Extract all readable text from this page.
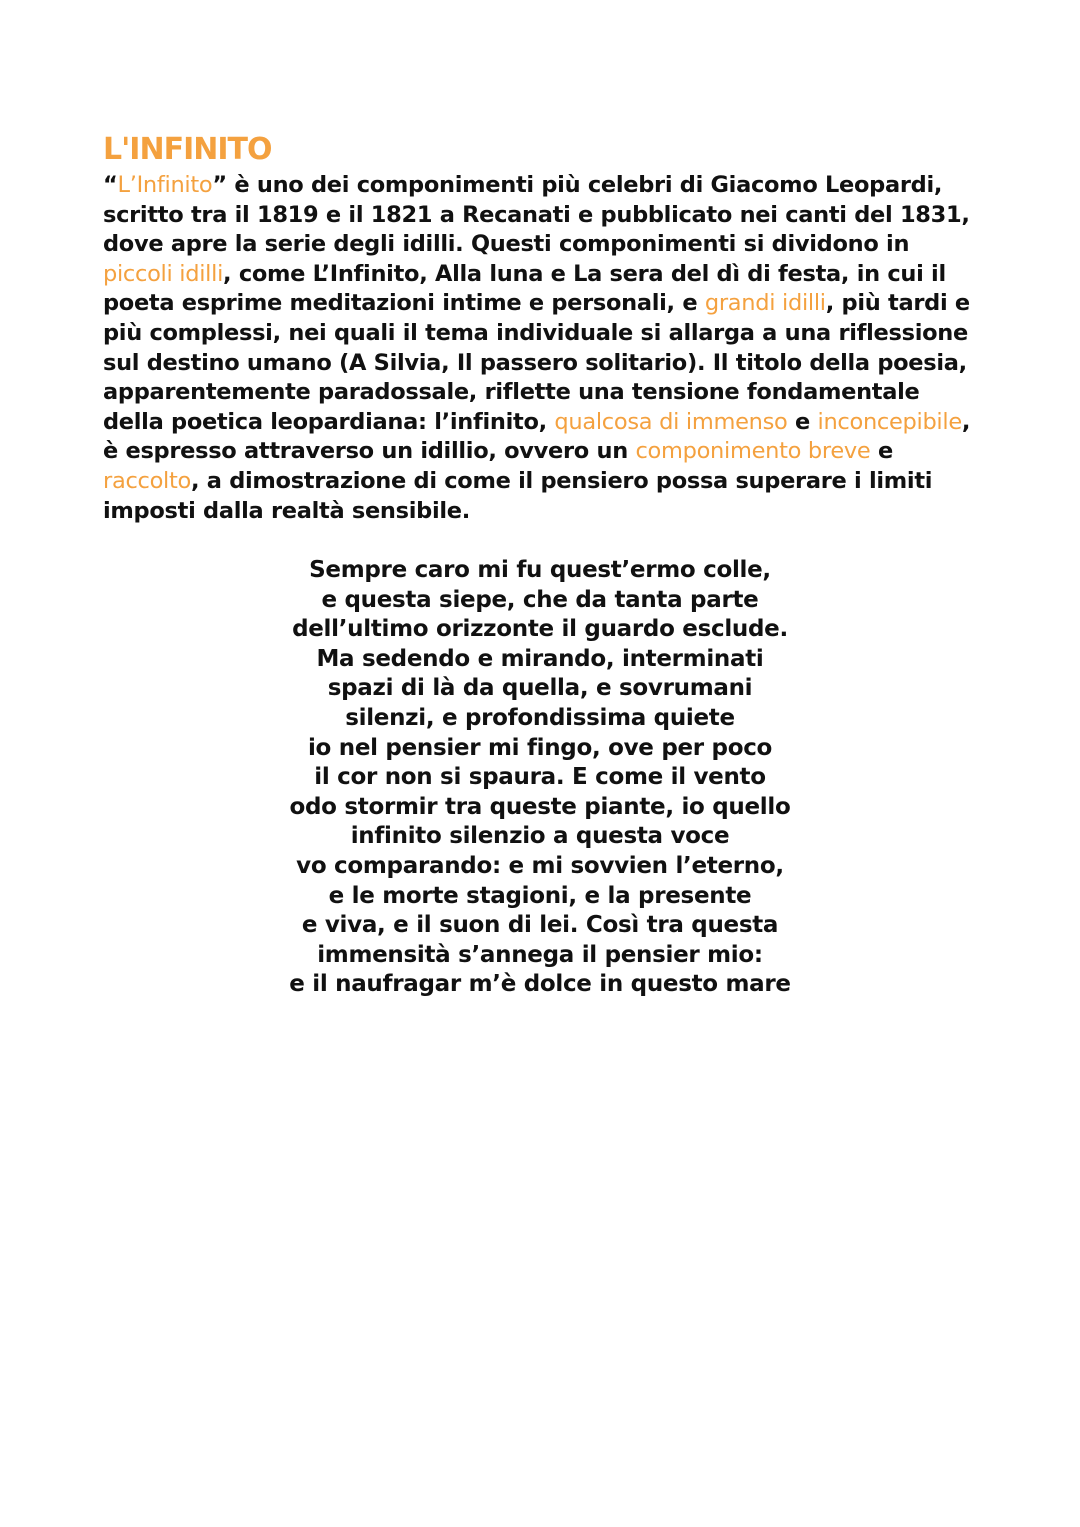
L'INFINITO

“L’Infinito” è uno dei componimenti più celebri di Giacomo Leopardi, scritto tra il 1819 e il 1821 a Recanati e pubblicato nei canti del 1831, dove apre la serie degli idilli. Questi componimenti si dividono in piccoli idilli, come L’Infinito, Alla luna e La sera del dì di festa, in cui il poeta esprime meditazioni intime e personali, e grandi idilli, più tardi e più complessi, nei quali il tema individuale si allarga a una riflessione sul destino umano (A Silvia, Il passero solitario). Il titolo della poesia, apparentemente paradossale, riflette una tensione fondamentale della poetica leopardiana: l’infinito, qualcosa di immenso e inconcepibile, è espresso attraverso un idillio, ovvero un componimento breve e raccolto, a dimostrazione di come il pensiero possa superare i limiti imposti dalla realtà sensibile.

Sempre caro mi fu quest’ermo colle,
e questa siepe, che da tanta parte
dell’ultimo orizzonte il guardo esclude.
Ma sedendo e mirando, interminati
spazi di là da quella, e sovrumani
silenzi, e profondissima quiete
io nel pensier mi fingo, ove per poco
il cor non si spaura. E come il vento
odo stormir tra queste piante, io quello
infinito silenzio a questa voce
vo comparando: e mi sovvien l’eterno,
e le morte stagioni, e la presente
e viva, e il suon di lei. Così tra questa
immensità s’annega il pensier mio:
e il naufragar m’è dolce in questo mare
